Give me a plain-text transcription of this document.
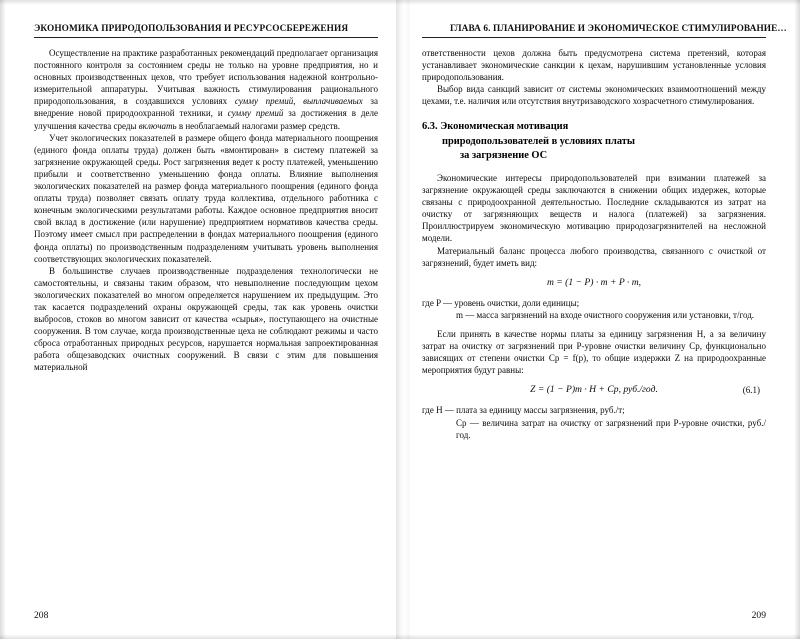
ЭКОНОМИКА ПРИРОДОПОЛЬЗОВАНИЯ И РЕСУРСОСБЕРЕЖЕНИЯ

Осуществление на практике разработанных рекомендаций предполагает организация постоянного контроля за состоянием среды не только на уровне предприятия, но и основных производственных цехов, что требует использования надежной контрольно-измерительной аппаратуры. Учитывая важность стимулирования рационального природопользования, в создавшихся условиях сумму премий, выплачиваемых за внедрение новой природоохранной техники, и сумму премий за достижения в деле улучшения качества среды включать в необлагаемый налогами размер средств.

Учет экологических показателей в размере общего фонда материального поощрения (единого фонда оплаты труда) должен быть «вмонтирован» в систему платежей за загрязнение окружающей среды. Рост загрязнения ведет к росту платежей, уменьшению прибыли и соответственно уменьшению фонда оплаты. Влияние выполнения экологических показателей на размер фонда материального поощрения (единого фонда оплаты труда) позволяет связать оплату труда коллектива, отдельного работника с конечным экологическими результатами работы. Каждое основное предприятия вносит свой вклад в достижение (или нарушение) предприятием нормативов качества среды. Поэтому имеет смысл при распределении в фондах материального поощрения (единого фонда оплаты) по производственным подразделениям учитывать уровень выполнения соответствующих экологических показателей.

В большинстве случаев производственные подразделения технологически не самостоятельны, и связаны таким образом, что невыполнение последующим цехом экологических показателей во многом определяется нарушением их предыдущим. Это так касается подразделений охраны окружающей среды, так как уровень очистки выбросов, стоков во многом зависит от качества «сырья», поступающего на очистные сооружения. В том случае, когда производственные цеха не соблюдают режимы и часто сброса отработанных природных ресурсов, нарушается нормальная запроектированная работа общезаводских очистных сооружений. В связи с этим для повышения материальной

208
ГЛАВА 6. ПЛАНИРОВАНИЕ И ЭКОНОМИЧЕСКОЕ СТИМУЛИРОВАНИЕ…

ответственности цехов должна быть предусмотрена система претензий, которая устанавливает экономические санкции к цехам, нарушившим установленные условия природопользования.

Выбор вида санкций зависит от системы экономических взаимоотношений между цехами, т.е. наличия или отсутствия внутризаводского хозрасчетного стимулирования.

6.3. Экономическая мотивация
природопользователей в условиях платы
за загрязнение ОС

Экономические интересы природопользователей при взимании платежей за загрязнение окружающей среды заключаются в снижении общих издержек, которые связаны с природоохранной деятельностью. Последние складываются из затрат на очистку от загрязняющих веществ и налога (платежей) за загрязнения. Проиллюстрируем экономическую мотивацию природозагрязнителей на несложной модели.

Материальный баланс процесса любого производства, связанного с очисткой от загрязнений, будет иметь вид:

m = (1 − P) · m + P · m,
где P — уровень очистки, доли единицы;
m — масса загрязнений на входе очистного сооружения или установки, т/год.

Если принять в качестве нормы платы за единицу загрязнения Н, а за величину затрат на очистку от загрязнений при Р-уровне очистки величину Сp, функционально зависящих от степени очистки Сp = f(p), то общие издержки Z на природоохранные мероприятия будут равны:

Z = (1 − P)m · H + Cp, руб./год.	(6.1)
где H — плата за единицу массы загрязнения, руб./т;
Cp — величина затрат на очистку от загрязнений при Р-уровне очистки, руб./год.
209
